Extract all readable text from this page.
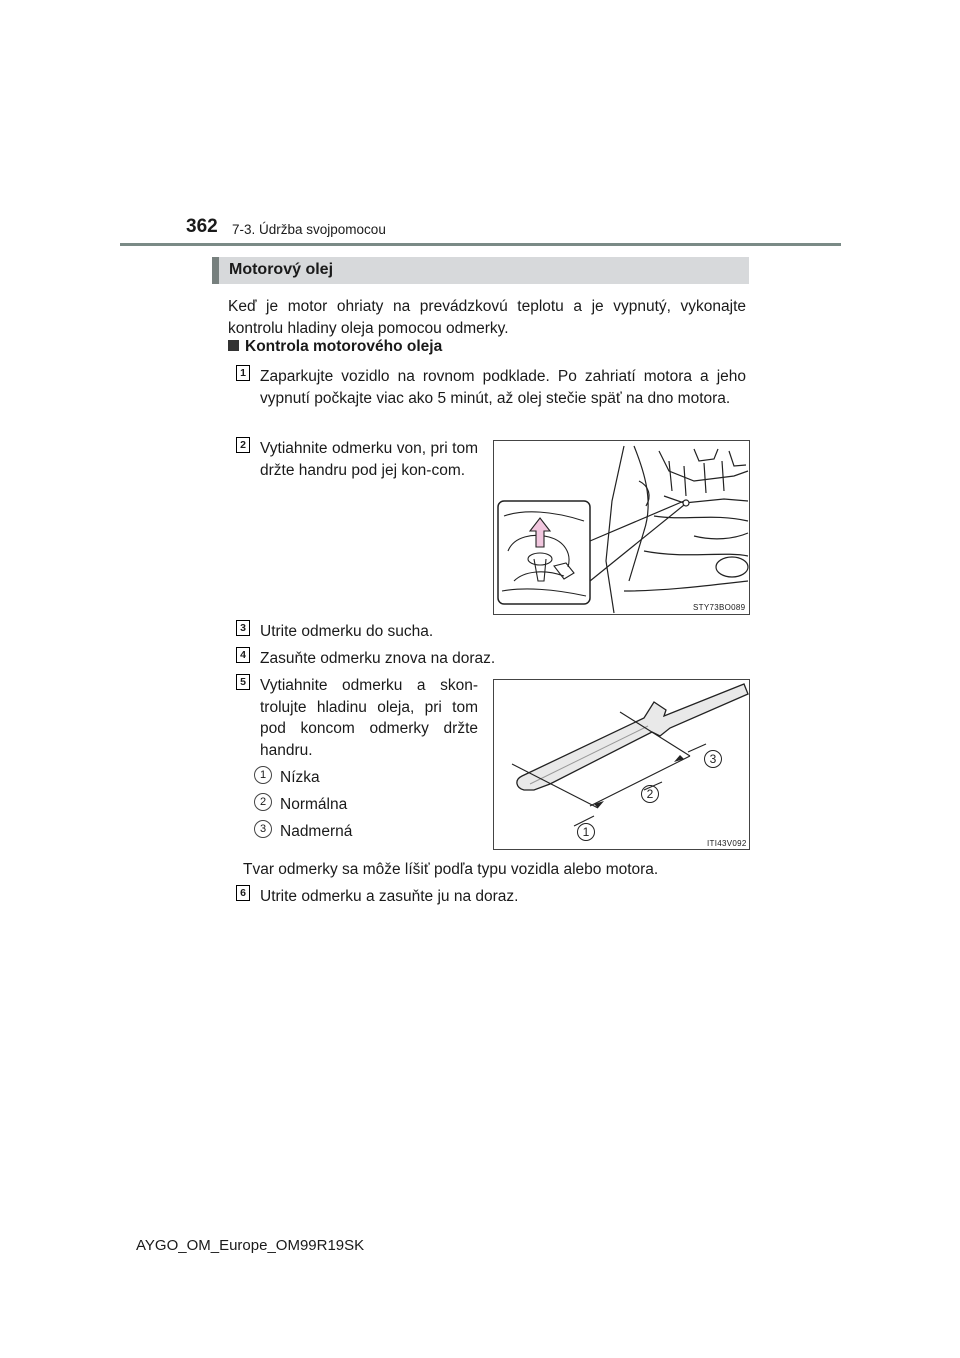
362 7-3. Údržba svojpomocou
Motorový olej
Keď je motor ohriaty na prevádzkovú teplotu a je vypnutý, vykonajte kontrolu hladiny oleja pomocou odmerky.
Kontrola motorového oleja
1 Zaparkujte vozidlo na rovnom podklade. Po zahriatí motora a jeho vypnutí počkajte viac ako 5 minút, až olej stečie späť na dno motora.
2 Vytiahnite odmerku von, pri tom držte handru pod jej kon-com.
STY73BO089
3 Utrite odmerku do sucha.
4 Zasuňte odmerku znova na doraz.
5 Vytiahnite odmerku a skon-trolujte hladinu oleja, pri tom pod koncom odmerky držte handru.
1 Nízka
2 Normálna
3 Nadmerná	1
2
3
ITI43V092
Tvar odmerky sa môže líšiť podľa typu vozidla alebo motora.
6 Utrite odmerku a zasuňte ju na doraz.
AYGO_OM_Europe_OM99R19SK
